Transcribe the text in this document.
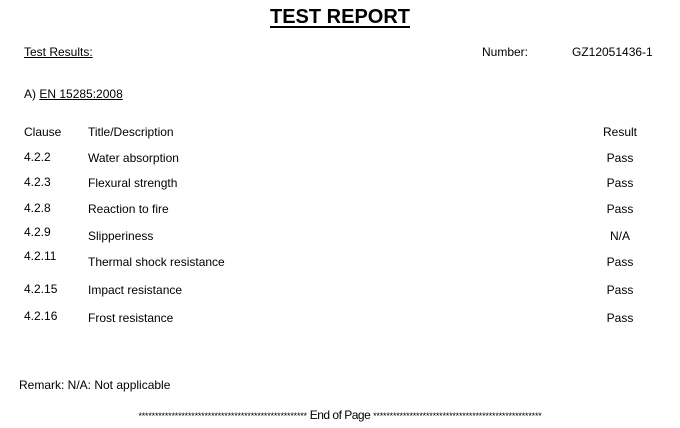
TEST REPORT
Test Results:	Number:	GZ12051436-1
A) EN 15285:2008
Clause Title/Description	Result
4.2.2	Water absorption	Pass
4.2.3	Flexural strength	Pass
4.2.8	Reaction to fire	Pass
4.2.9	Slipperiness	N/A
4.2.11	Thermal shock resistance	Pass
4.2.15	Impact resistance	Pass
4.2.16	Frost resistance	Pass
Remark: N/A: Not applicable
*************************************************** End of Page ***************************************************
